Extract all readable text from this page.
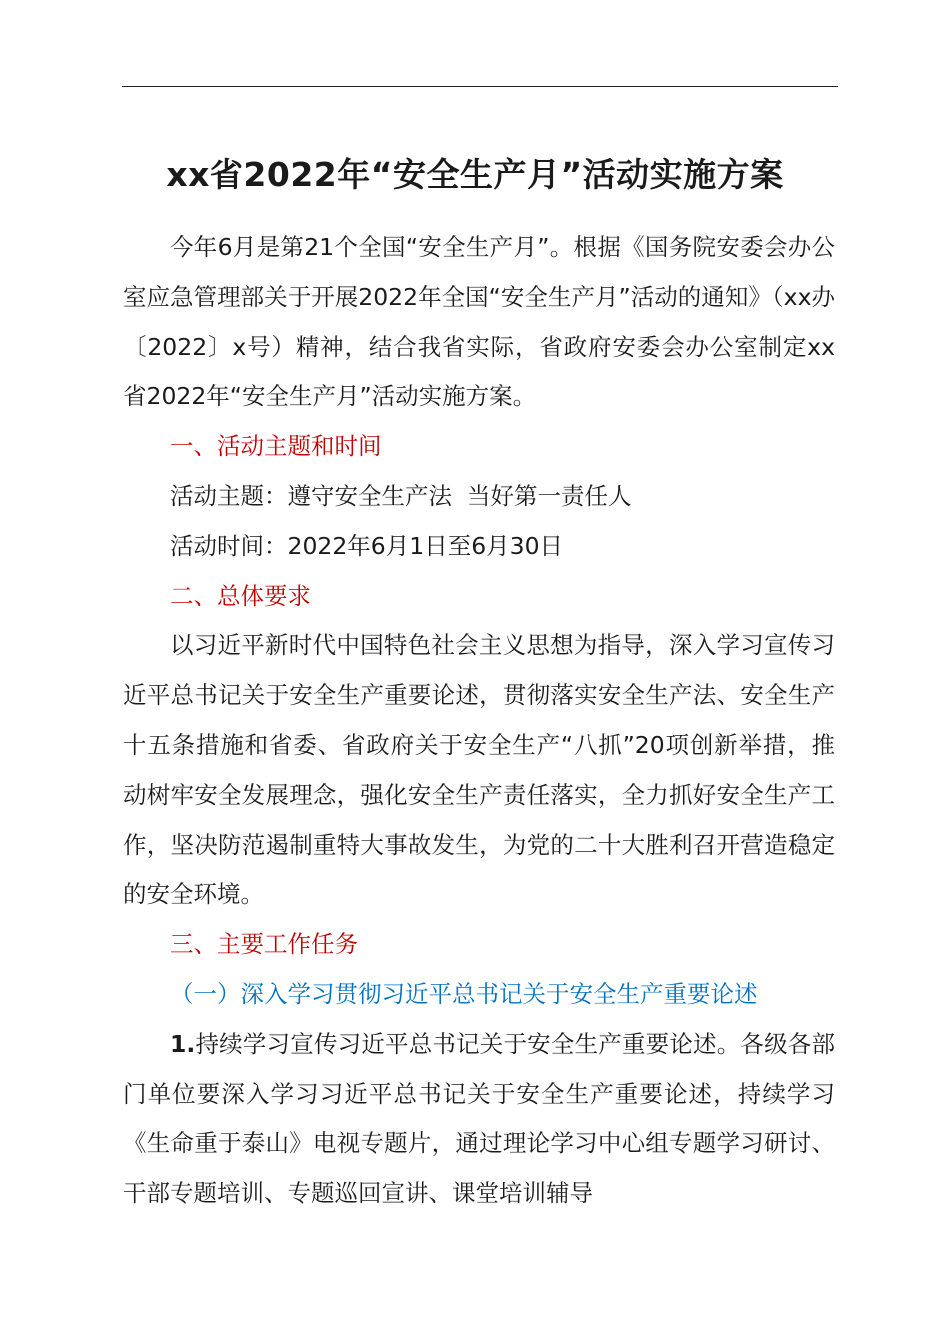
xx省2022年“安全生产月”活动实施方案

今年6月是第21个全国“安全生产月”。根据《国务院安委会办公室应急管理部关于开展2022年全国“安全生产月”活动的通知》（xx办〔2022〕x号）精神，结合我省实际，省政府安委会办公室制定xx省2022年“安全生产月”活动实施方案。

一、活动主题和时间

活动主题：遵守安全生产法  当好第一责任人

活动时间：2022年6月1日至6月30日

二、总体要求

以习近平新时代中国特色社会主义思想为指导，深入学习宣传习近平总书记关于安全生产重要论述，贯彻落实安全生产法、安全生产十五条措施和省委、省政府关于安全生产“八抓”20项创新举措，推动树牢安全发展理念，强化安全生产责任落实，全力抓好安全生产工作，坚决防范遏制重特大事故发生，为党的二十大胜利召开营造稳定的安全环境。

三、主要工作任务

（一）深入学习贯彻习近平总书记关于安全生产重要论述

1.持续学习宣传习近平总书记关于安全生产重要论述。各级各部门单位要深入学习习近平总书记关于安全生产重要论述，持续学习《生命重于泰山》电视专题片，通过理论学习中心组专题学习研讨、干部专题培训、专题巡回宣讲、课堂培训辅导
